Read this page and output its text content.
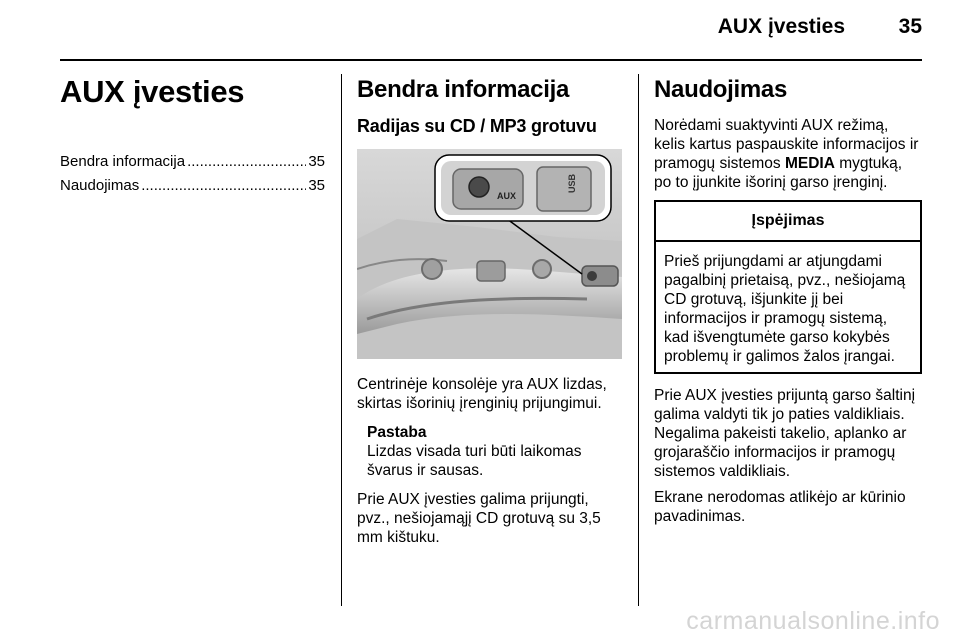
AUX įvesties	35
AUX įvesties
Bendra informacija .....	35
Naudojimas .....	35
Bendra informacija
Radijas su CD / MP3 grotuvu
AUX
USB

Centrinėje konsolėje yra AUX lizdas, skirtas išorinių įrenginių prijungimui.

Pastaba
Lizdas visada turi būti laikomas švarus ir sausas.

Prie AUX įvesties galima prijungti, pvz., nešiojamąjį CD grotuvą su 3,5 mm kištuku.

Naudojimas

Norėdami suaktyvinti AUX režimą, kelis kartus paspauskite informacijos ir pramogų sistemos MEDIA mygtuką, po to įjunkite išorinį garso įrenginį.

Įspėjimas
Prieš prijungdami ar atjungdami pagalbinį prietaisą, pvz., nešiojamą CD grotuvą, išjunkite jį bei informacijos ir pramogų sistemą, kad išvengtumėte garso kokybės problemų ir galimos žalos įrangai.

Prie AUX įvesties prijuntą garso šaltinį galima valdyti tik jo paties valdikliais. Negalima pakeisti takelio, aplanko ar grojaraščio informacijos ir pramogų sistemos valdikliais.

Ekrane nerodomas atlikėjo ar kūrinio pavadinimas.

carmanualsonline.info
